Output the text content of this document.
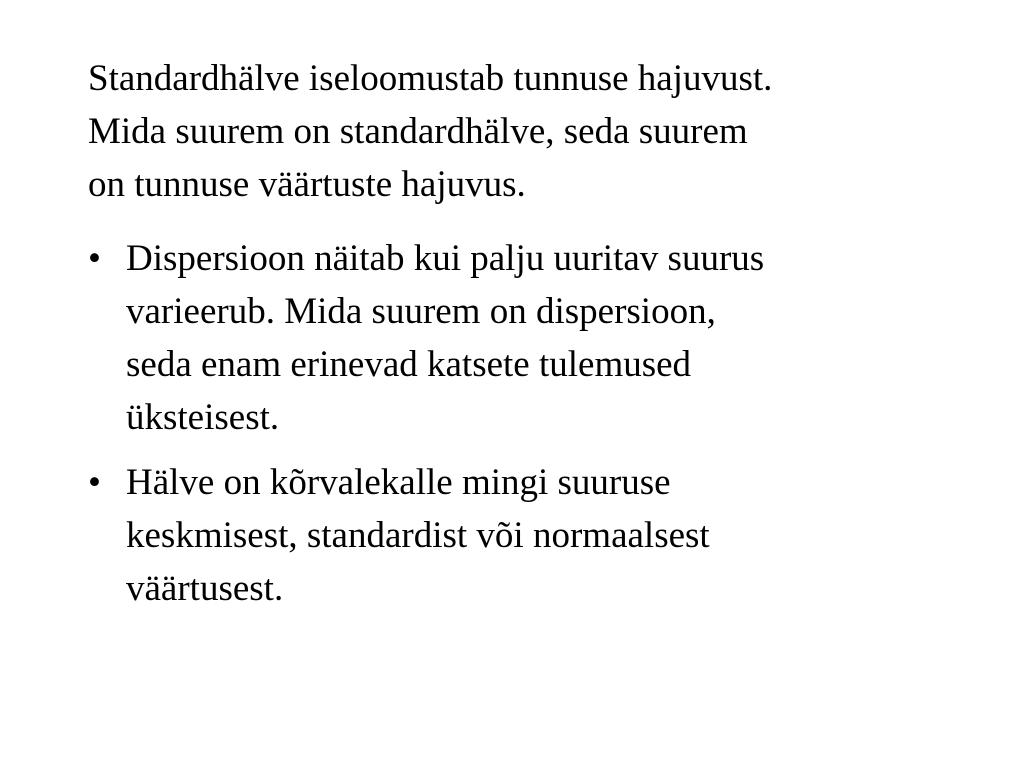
Standardhälve iseloomustab tunnuse hajuvust.
Mida suurem on standardhälve, seda suurem
on tunnuse väärtuste hajuvus.

• Dispersioon näitab kui palju uuritav suurus
varieerub. Mida suurem on dispersioon,
seda enam erinevad katsete tulemused
üksteisest.
• Hälve on kõrvalekalle mingi suuruse
keskmisest, standardist või normaalsest
väärtusest.
